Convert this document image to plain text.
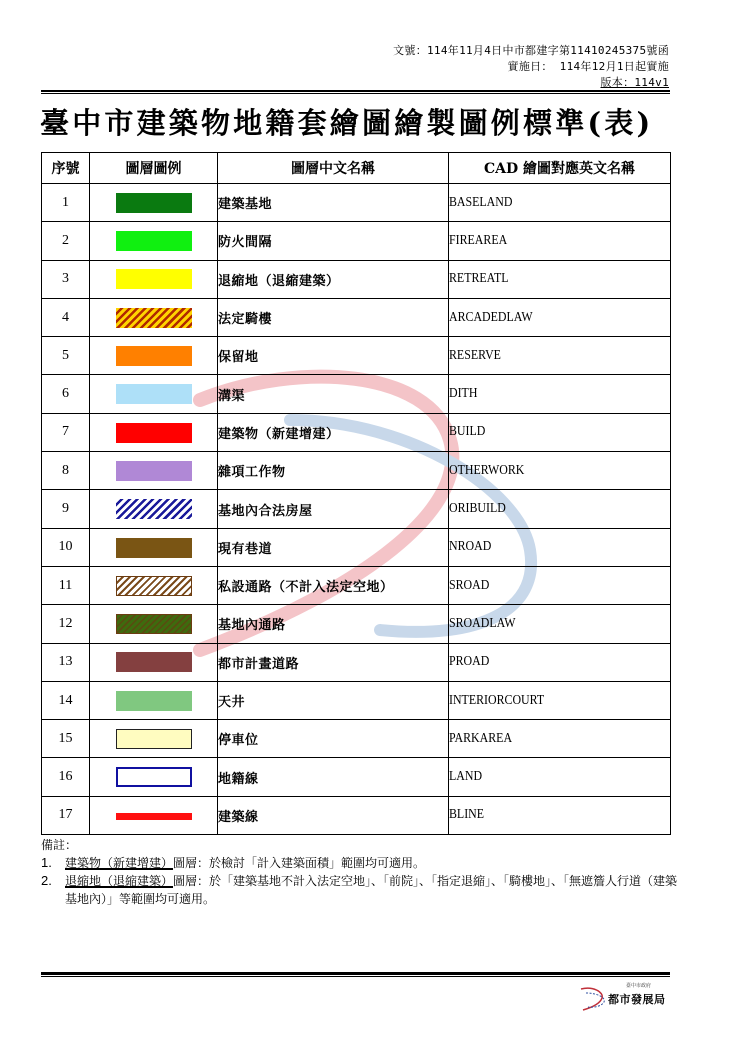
文號：114年11月4日中市都建字第11410245375號函
實施日： 114年12月1日起實施
版本：114v1
臺中市建築物地籍套繪圖繪製圖例標準(表)
序號	圖層圖例	圖層中文名稱	CAD 繪圖對應英文名稱
1		建築基地	BASELAND
2		防火間隔	FIREAREA
3		退縮地（退縮建築）	RETREATL
4		法定騎樓	ARCADEDLAW
5		保留地	RESERVE
6		溝渠	DITH
7		建築物（新建增建）	BUILD
8		雜項工作物	OTHERWORK
9		基地內合法房屋	ORIBUILD
10		現有巷道	NROAD
11		私設通路（不計入法定空地）	SROAD
12		基地內通路	SROADLAW
13		都市計畫道路	PROAD
14		天井	INTERIORCOURT
15		停車位	PARKAREA
16		地籍線	LAND
17		建築線	BLINE
備註：
1. 建築物（新建增建）圖層：於檢討「計入建築面積」範圍均可適用。
2. 退縮地（退縮建築）圖層：於「建築基地不計入法定空地」、「前院」、「指定退縮」、「騎樓地」、「無遮簷人行道（建築基地內）」等範圍均可適用。
臺中市政府
都市發展局
